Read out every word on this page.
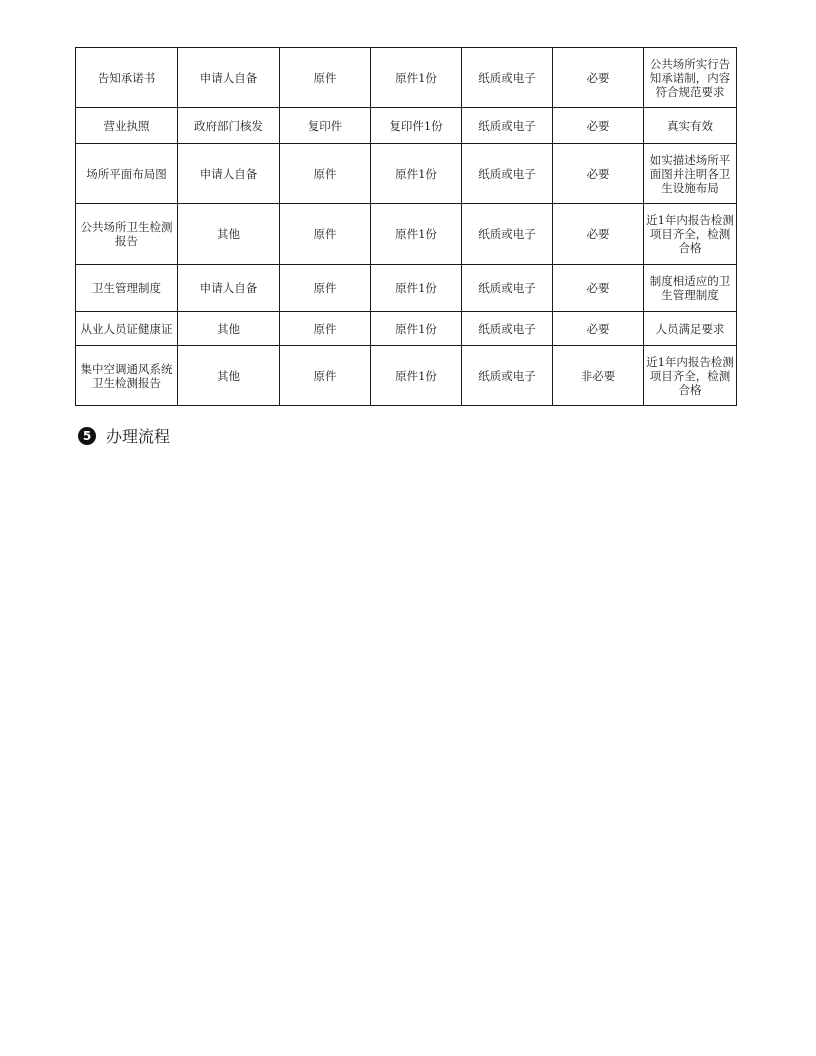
告知承诺书	申请人自备	原件	原件1份	纸质或电子	必要	公共场所实行告知承诺制，内容符合规范要求
营业执照	政府部门核发	复印件	复印件1份	纸质或电子	必要	真实有效
场所平面布局图	申请人自备	原件	原件1份	纸质或电子	必要	如实描述场所平面图并注明各卫生设施布局
公共场所卫生检测报告	其他	原件	原件1份	纸质或电子	必要	近1年内报告检测项目齐全，检测合格
卫生管理制度	申请人自备	原件	原件1份	纸质或电子	必要	制度相适应的卫生管理制度
从业人员证健康证	其他	原件	原件1份	纸质或电子	必要	人员满足要求
集中空调通风系统卫生检测报告	其他	原件	原件1份	纸质或电子	非必要	近1年内报告检测项目齐全，检测合格
5 办理流程
